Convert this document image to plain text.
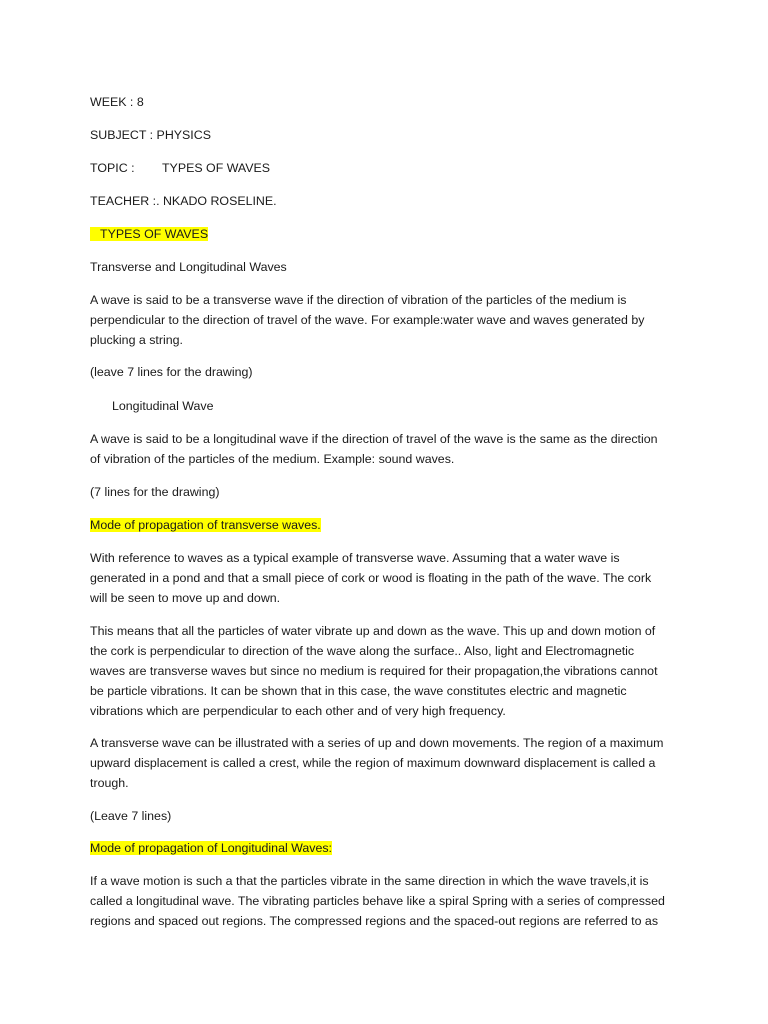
WEEK : 8
SUBJECT : PHYSICS
TOPIC : TYPES OF WAVES
TEACHER :. NKADO ROSELINE.
TYPES OF WAVES
Transverse and Longitudinal Waves
A wave is said to be a transverse wave if the direction of vibration of the particles of the medium is
perpendicular to the direction of travel of the wave. For example:water wave and waves generated by
plucking a string.
(leave 7 lines for the drawing)
Longitudinal Wave
A wave is said to be a longitudinal wave if the direction of travel of the wave is the same as the direction
of vibration of the particles of the medium. Example: sound waves.
(7 lines for the drawing)
Mode of propagation of transverse waves.
With reference to waves as a typical example of transverse wave. Assuming that a water wave is
generated in a pond and that a small piece of cork or wood is floating in the path of the wave. The cork
will be seen to move up and down.
This means that all the particles of water vibrate up and down as the wave. This up and down motion of
the cork is perpendicular to direction of the wave along the surface.. Also, light and Electromagnetic
waves are transverse waves but since no medium is required for their propagation,the vibrations cannot
be particle vibrations. It can be shown that in this case, the wave constitutes electric and magnetic
vibrations which are perpendicular to each other and of very high frequency.
A transverse wave can be illustrated with a series of up and down movements. The region of a maximum
upward displacement is called a crest, while the region of maximum downward displacement is called a
trough.
(Leave 7 lines)
Mode of propagation of Longitudinal Waves:
If a wave motion is such a that the particles vibrate in the same direction in which the wave travels,it is
called a longitudinal wave. The vibrating particles behave like a spiral Spring with a series of compressed
regions and spaced out regions. The compressed regions and the spaced-out regions are referred to as
